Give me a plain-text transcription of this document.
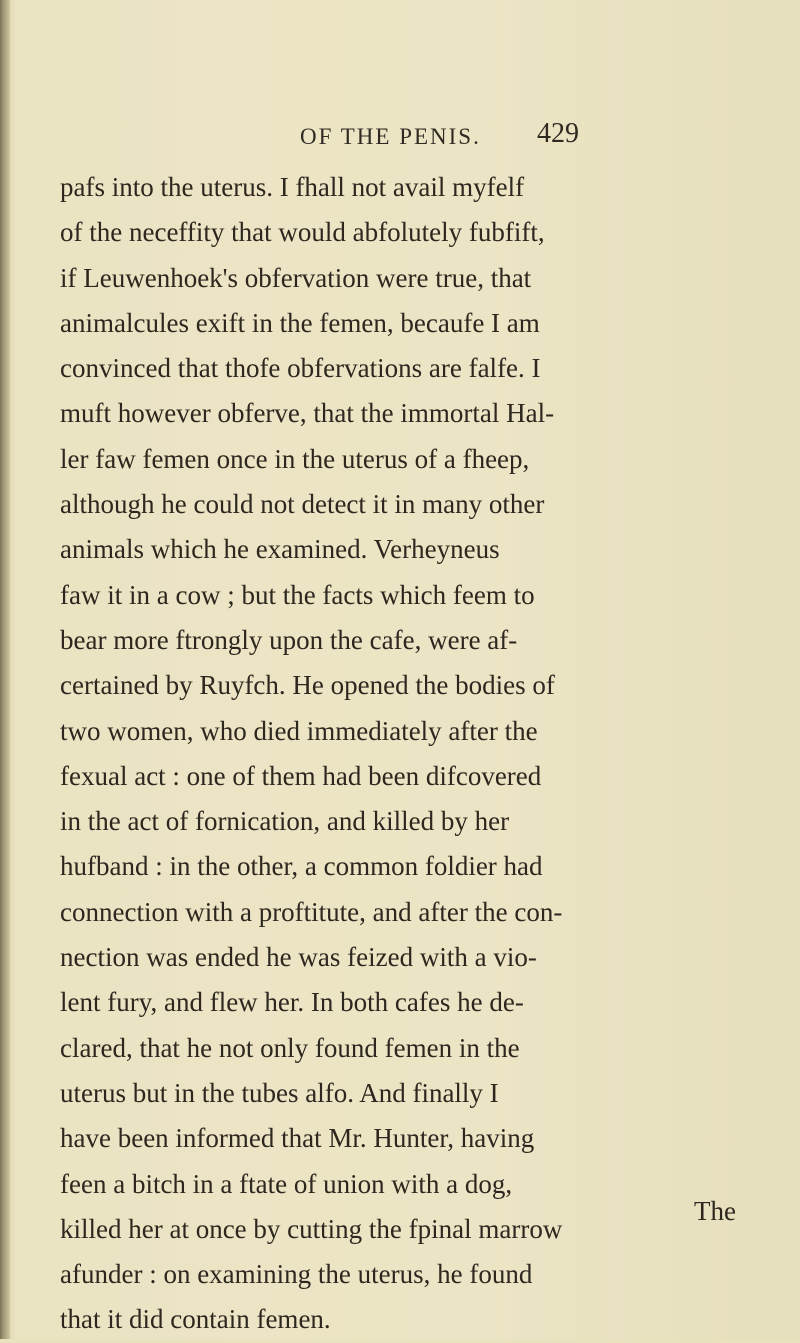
OF THE PENIS. 429
pafs into the uterus. I fhall not avail myfelf
of the neceffity that would abfolutely fubfift,
if Leuwenhoek's obfervation were true, that
animalcules exift in the femen, becaufe I am
convinced that thofe obfervations are falfe. I
muft however obferve, that the immortal Hal-
ler faw femen once in the uterus of a fheep,
although he could not detect it in many other
animals which he examined. Verheyneus
faw it in a cow ; but the facts which feem to
bear more ftrongly upon the cafe, were af-
certained by Ruyfch. He opened the bodies of
two women, who died immediately after the
fexual act : one of them had been difcovered
in the act of fornication, and killed by her
hufband : in the other, a common foldier had
connection with a proftitute, and after the con-
nection was ended he was feized with a vio-
lent fury, and flew her. In both cafes he de-
clared, that he not only found femen in the
uterus but in the tubes alfo. And finally I
have been informed that Mr. Hunter, having
feen a bitch in a ftate of union with a dog,
killed her at once by cutting the fpinal marrow
afunder : on examining the uterus, he found
that it did contain femen.
The
